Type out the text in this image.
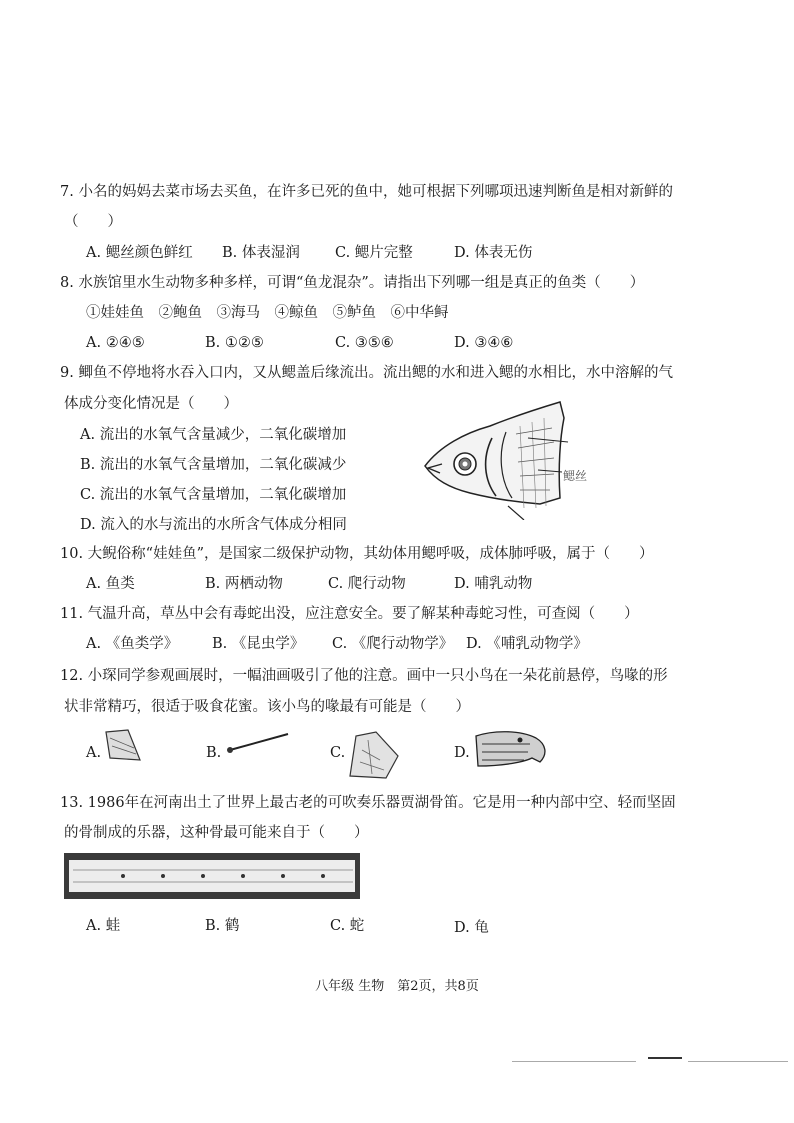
7. 小名的妈妈去菜市场去买鱼，在许多已死的鱼中，她可根据下列哪项迅速判断鱼是相对新鲜的
（　　）
A. 鳃丝颜色鲜红 B. 体表湿润 C. 鳃片完整	D. 体表无伤
8. 水族馆里水生动物多种多样，可谓“鱼龙混杂”。请指出下列哪一组是真正的鱼类（　　）
①娃娃鱼　②鲍鱼　③海马　④鲸鱼　⑤鲈鱼　⑥中华鲟
A. ②④⑤	B. ①②⑤	C. ③⑤⑥	D. ③④⑥
9. 鲫鱼不停地将水吞入口内，又从鳃盖后缘流出。流出鳃的水和进入鳃的水相比，水中溶解的气
体成分变化情况是（　　）
A. 流出的水氧气含量减少，二氧化碳增加
B. 流出的水氧气含量增加，二氧化碳减少
C. 流出的水氧气含量增加，二氧化碳增加
D. 流入的水与流出的水所含气体成分相同
鳃丝
10. 大鲵俗称“娃娃鱼”，是国家二级保护动物，其幼体用鳃呼吸，成体肺呼吸，属于（　　）
A. 鱼类	B. 两栖动物	C. 爬行动物	D. 哺乳动物
11. 气温升高，草丛中会有毒蛇出没，应注意安全。要了解某种毒蛇习性，可查阅（　　）
A. 《鱼类学》 B. 《昆虫学》 C. 《爬行动物学》 D. 《哺乳动物学》
12. 小琛同学参观画展时，一幅油画吸引了他的注意。画中一只小鸟在一朵花前悬停，鸟喙的形
状非常精巧，很适于吸食花蜜。该小鸟的喙最有可能是（　　）
A.	B.	C.	D.
13. 1986年在河南出土了世界上最古老的可吹奏乐器贾湖骨笛。它是用一种内部中空、轻而坚固
的骨制成的乐器，这种骨最可能来自于（　　）
A. 蛙	B. 鹤	C. 蛇	D. 龟
八年级 生物　第2页，共8页
